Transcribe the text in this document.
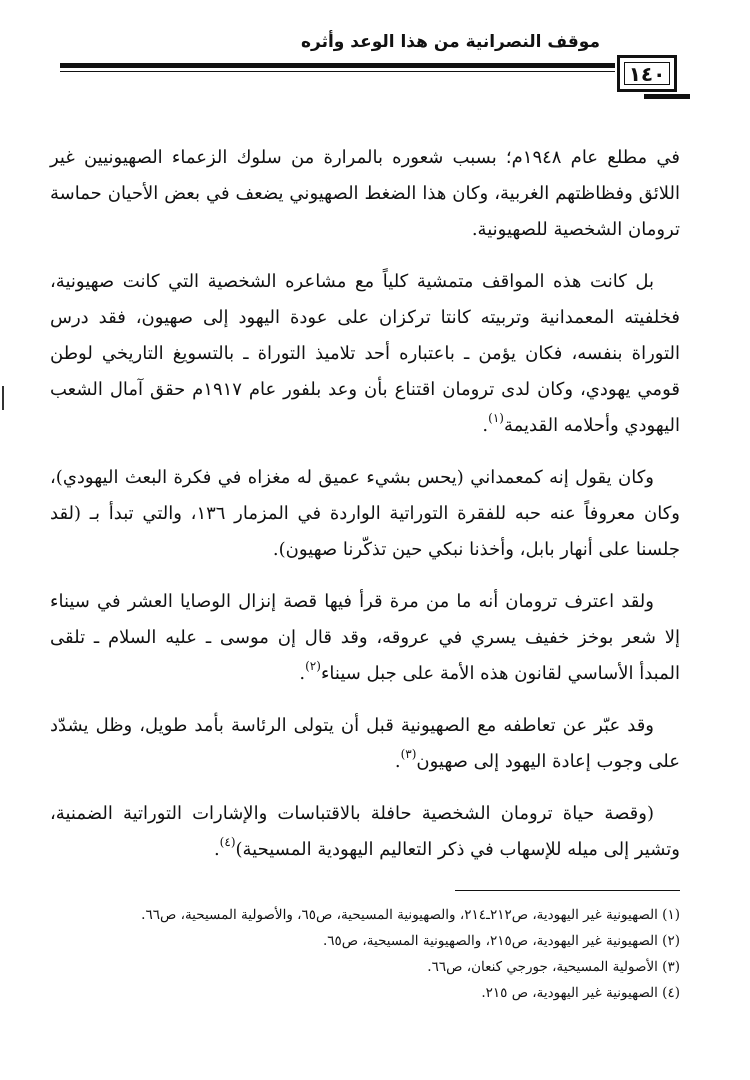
موقف النصرانية من هذا الوعد وأثره
١٤٠

في مطلع عام ١٩٤٨م؛ بسبب شعوره بالمرارة من سلوك الزعماء الصهيونيين غير اللائق وفظاظتهم الغربية، وكان هذا الضغط الصهيوني يضعف في بعض الأحيان حماسة ترومان الشخصية للصهيونية.

بل كانت هذه المواقف متمشية كلياً مع مشاعره الشخصية التي كانت صهيونية، فخلفيته المعمدانية وتربيته كانتا تركزان على عودة اليهود إلى صهيون، فقد درس التوراة بنفسه، فكان يؤمن ـ باعتباره أحد تلاميذ التوراة ـ بالتسويغ التاريخي لوطن قومي يهودي، وكان لدى ترومان اقتناع بأن وعد بلفور عام ١٩١٧م حقق آمال الشعب اليهودي وأحلامه القديمة$^{(١)}$.

وكان يقول إنه كمعمداني (يحس بشيء عميق له مغزاه في فكرة البعث اليهودي)، وكان معروفاً عنه حبه للفقرة التوراتية الواردة في المزمار ١٣٦، والتي تبدأ بـ (لقد جلسنا على أنهار بابل، وأخذنا نبكي حين تذكّرنا صهيون).

ولقد اعترف ترومان أنه ما من مرة قرأ فيها قصة إنزال الوصايا العشر في سيناء إلا شعر بوخز خفيف يسري في عروقه، وقد قال إن موسى ـ عليه السلام ـ تلقى المبدأ الأساسي لقانون هذه الأمة على جبل سيناء$^{(٢)}$.

وقد عبّر عن تعاطفه مع الصهيونية قبل أن يتولى الرئاسة بأمد طويل، وظل يشدّد على وجوب إعادة اليهود إلى صهيون$^{(٣)}$.

(وقصة حياة ترومان الشخصية حافلة بالاقتباسات والإشارات التوراتية الضمنية، وتشير إلى ميله للإسهاب في ذكر التعاليم اليهودية المسيحية)$^{(٤)}$.

(١) الصهيونية غير اليهودية، ص٢١٢ـ٢١٤، والصهيونية المسيحية، ص٦٥، والأصولية المسيحية، ص٦٦.

(٢) الصهيونية غير اليهودية، ص٢١٥، والصهيونية المسيحية، ص٦٥.

(٣) الأصولية المسيحية، جورجي كنعان، ص٦٦.

(٤) الصهيونية غير اليهودية، ص ٢١٥.
